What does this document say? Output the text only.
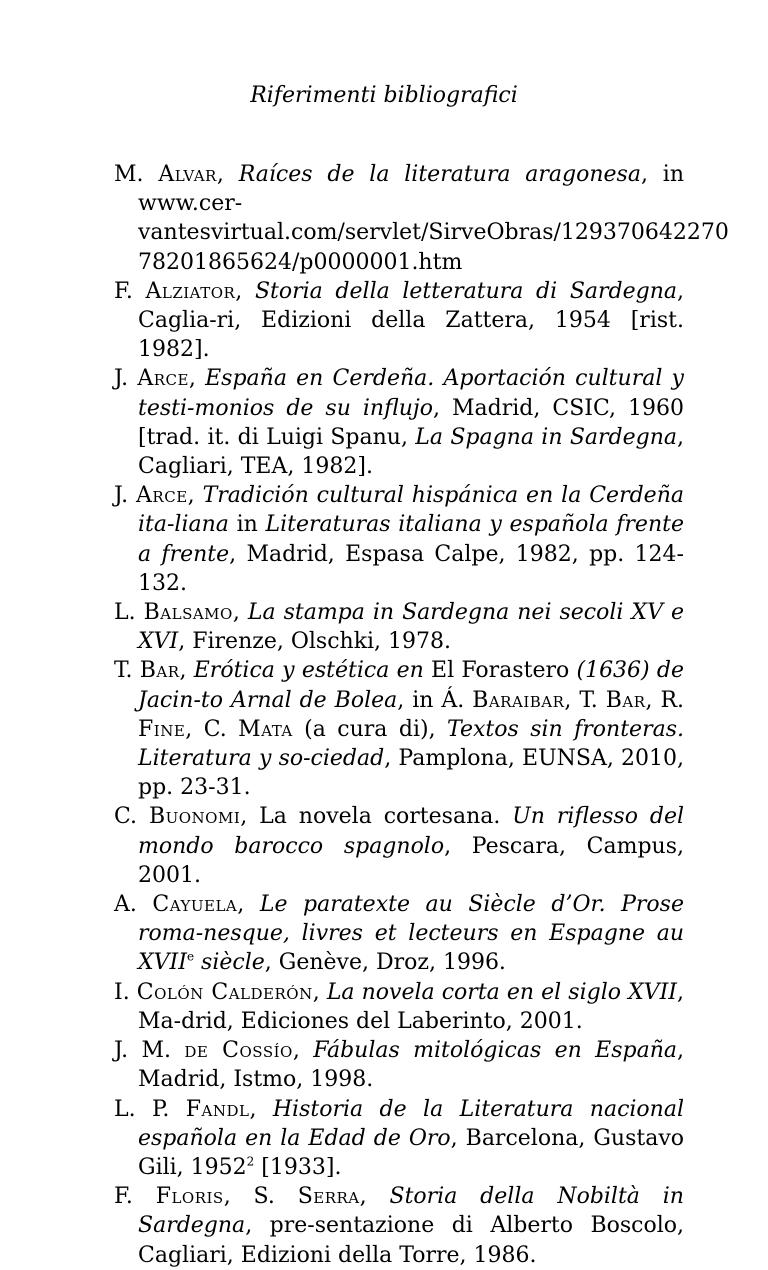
Riferimenti bibliografici
M. Alvar, Raíces de la literatura aragonesa, in www.cer-vantesvirtual.com/servlet/SirveObras/129370642270 78201865624/p0000001.htm
F. Alziator, Storia della letteratura di Sardegna, Caglia-ri, Edizioni della Zattera, 1954 [rist. 1982].
J. Arce, España en Cerdeña. Aportación cultural y testi-monios de su influjo, Madrid, CSIC, 1960 [trad. it. di Luigi Spanu, La Spagna in Sardegna, Cagliari, TEA, 1982].
J. Arce, Tradición cultural hispánica en la Cerdeña ita-liana in Literaturas italiana y española frente a frente, Madrid, Espasa Calpe, 1982, pp. 124-132.
L. Balsamo, La stampa in Sardegna nei secoli XV e XVI, Firenze, Olschki, 1978.
T. Bar, Erótica y estética en El Forastero (1636) de Jacin-to Arnal de Bolea, in Á. Baraibar, T. Bar, R. Fine, C. Mata (a cura di), Textos sin fronteras. Literatura y so-ciedad, Pamplona, EUNSA, 2010, pp. 23-31.
C. Buonomi, La novela cortesana. Un riflesso del mondo barocco spagnolo, Pescara, Campus, 2001.
A. Cayuela, Le paratexte au Siècle d’Or. Prose roma-nesque, livres et lecteurs en Espagne au XVIIe siècle, Genève, Droz, 1996.
I. Colón Calderón, La novela corta en el siglo XVII, Ma-drid, Ediciones del Laberinto, 2001.
J. M. de Cossío, Fábulas mitológicas en España, Madrid, Istmo, 1998.
L. P. Fandl, Historia de la Literatura nacional española en la Edad de Oro, Barcelona, Gustavo Gili, 1952$^2$ [1933].
F. Floris, S. Serra, Storia della Nobiltà in Sardegna, pre-sentazione di Alberto Boscolo, Cagliari, Edizioni della Torre, 1986.
